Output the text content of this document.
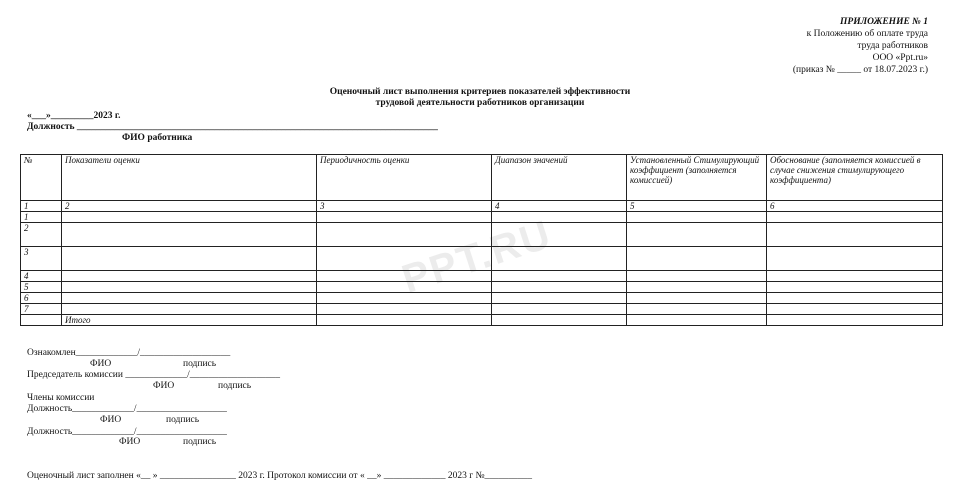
PPT.RU
ПРИЛОЖЕНИЕ № 1
к Положению об оплате труда
труда работников
ООО «Ppt.ru»
(приказ № _____ от 18.07.2023 г.)
Оценочный лист выполнения критериев показателей эффективности
трудовой деятельности работников организации
«___»_________2023 г.
Должность ____________________________________________________________________________
ФИО работника
№	Показатели оценки	Периодичность оценки	Диапазон значений	Установленный Стимулирующий коэффициент (заполняется комиссией)	Обоснование (заполняется комиссией в случае снижения стимулирующего коэффициента)
1	2	3	4	5	6
1					
2					
3					
4					
5					
6					
7					
	Итого				
Ознакомлен_____________/___________________
ФИО	подпись
Председатель комиссии _____________/___________________
ФИО	подпись
Члены комиссии
Должность_____________/___________________
ФИО	подпись
Должность_____________/___________________
ФИО	подпись
Оценочный лист заполнен «__ » ________________ 2023 г. Протокол комиссии от « __» _____________ 2023 г №__________
